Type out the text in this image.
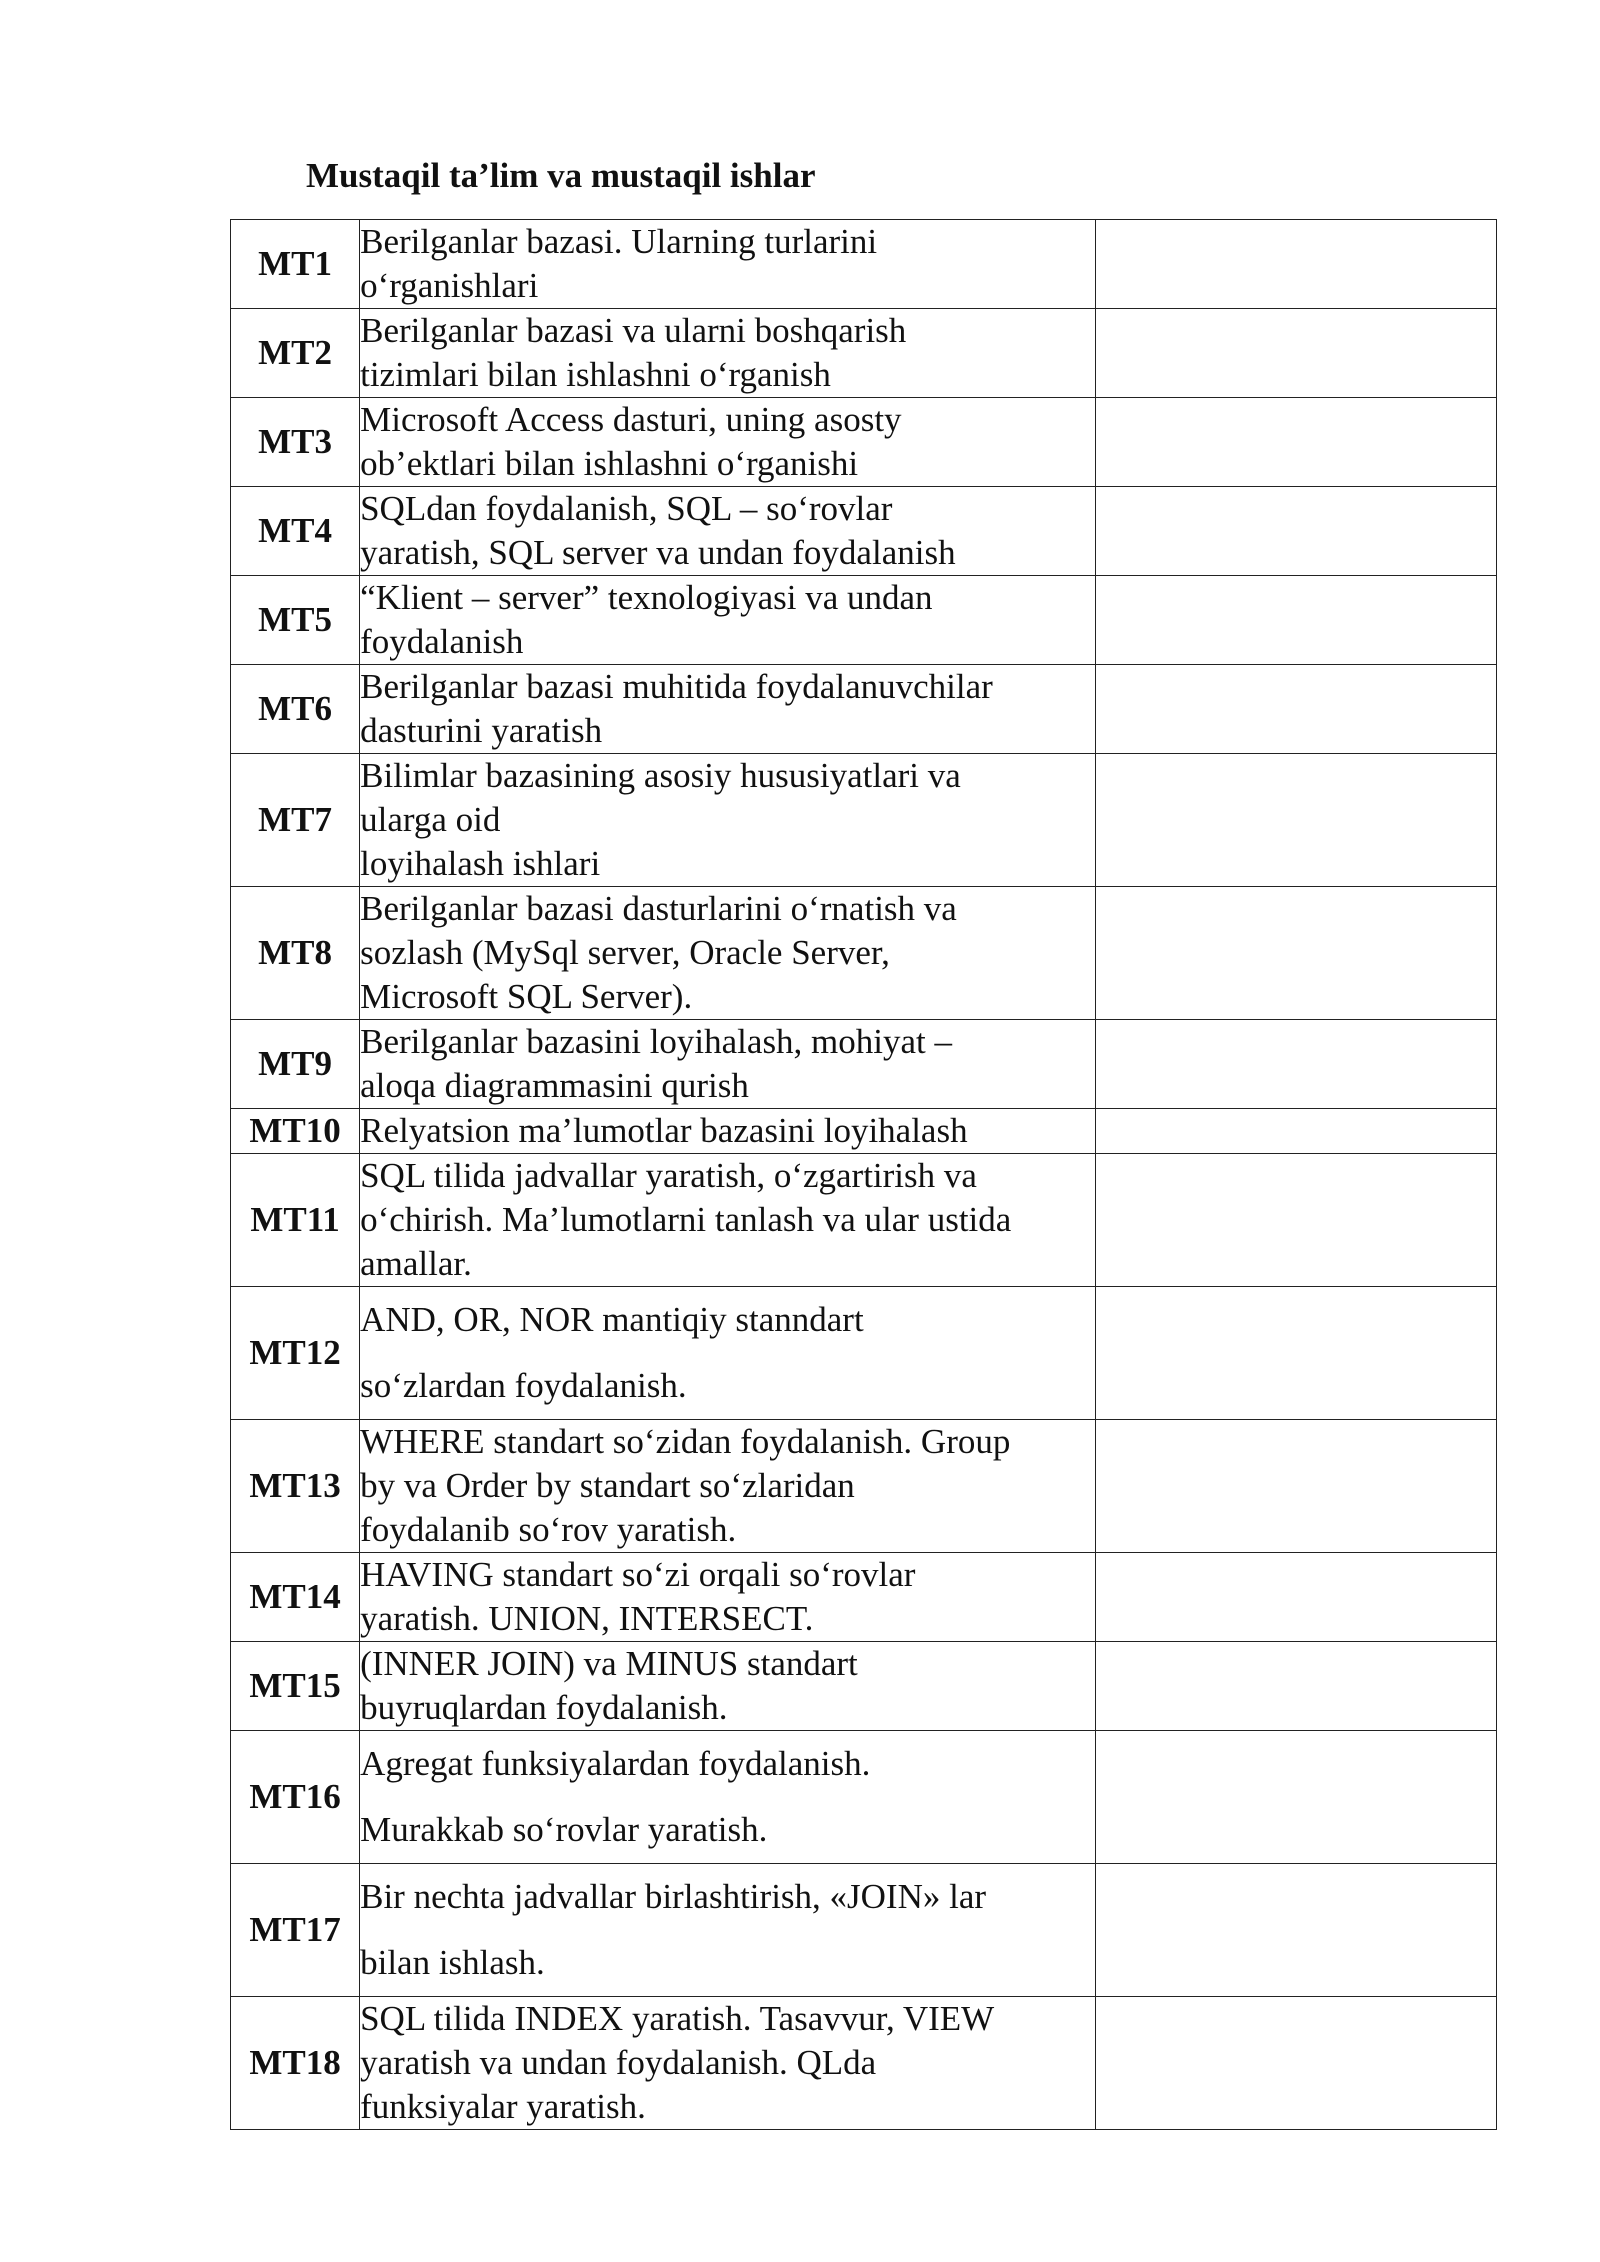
Mustaqil ta’lim va mustaqil ishlar
MT1	Berilganlar bazasi. Ularning turlarini
o‘rganishlari	
MT2	Berilganlar bazasi va ularni boshqarish
tizimlari bilan ishlashni o‘rganish	
MT3	Microsoft Access dasturi, uning asosty
ob’ektlari bilan ishlashni o‘rganishi	
MT4	SQLdan foydalanish, SQL – so‘rovlar
yaratish, SQL server va undan foydalanish	
MT5	“Klient – server” texnologiyasi va undan
foydalanish	
MT6	Berilganlar bazasi muhitida foydalanuvchilar
dasturini yaratish	
MT7	Bilimlar bazasining asosiy hususiyatlari va
ularga oid
loyihalash ishlari	
MT8	Berilganlar bazasi dasturlarini o‘rnatish va
sozlash (MySql server, Oracle Server,
Microsoft SQL Server).	
MT9	Berilganlar bazasini loyihalash, mohiyat –
aloqa diagrammasini qurish	
MT10	Relyatsion ma’lumotlar bazasini loyihalash	
MT11	SQL tilida jadvallar yaratish, o‘zgartirish va
o‘chirish. Ma’lumotlarni tanlash va ular ustida
amallar.	
MT12	AND, OR, NOR mantiqiy stanndart
so‘zlardan foydalanish.	
MT13	WHERE standart so‘zidan foydalanish. Group
by va Order by standart so‘zlaridan
foydalanib so‘rov yaratish.	
MT14	HAVING standart so‘zi orqali so‘rovlar
yaratish. UNION, INTERSECT.	
MT15	(INNER JOIN) va MINUS standart
buyruqlardan foydalanish.	
MT16	Agregat funksiyalardan foydalanish.
Murakkab so‘rovlar yaratish.	
MT17	Bir nechta jadvallar birlashtirish, «JOIN» lar
bilan ishlash.	
MT18	SQL tilida INDEX yaratish. Tasavvur, VIEW
yaratish va undan foydalanish. QLda
funksiyalar yaratish.	
